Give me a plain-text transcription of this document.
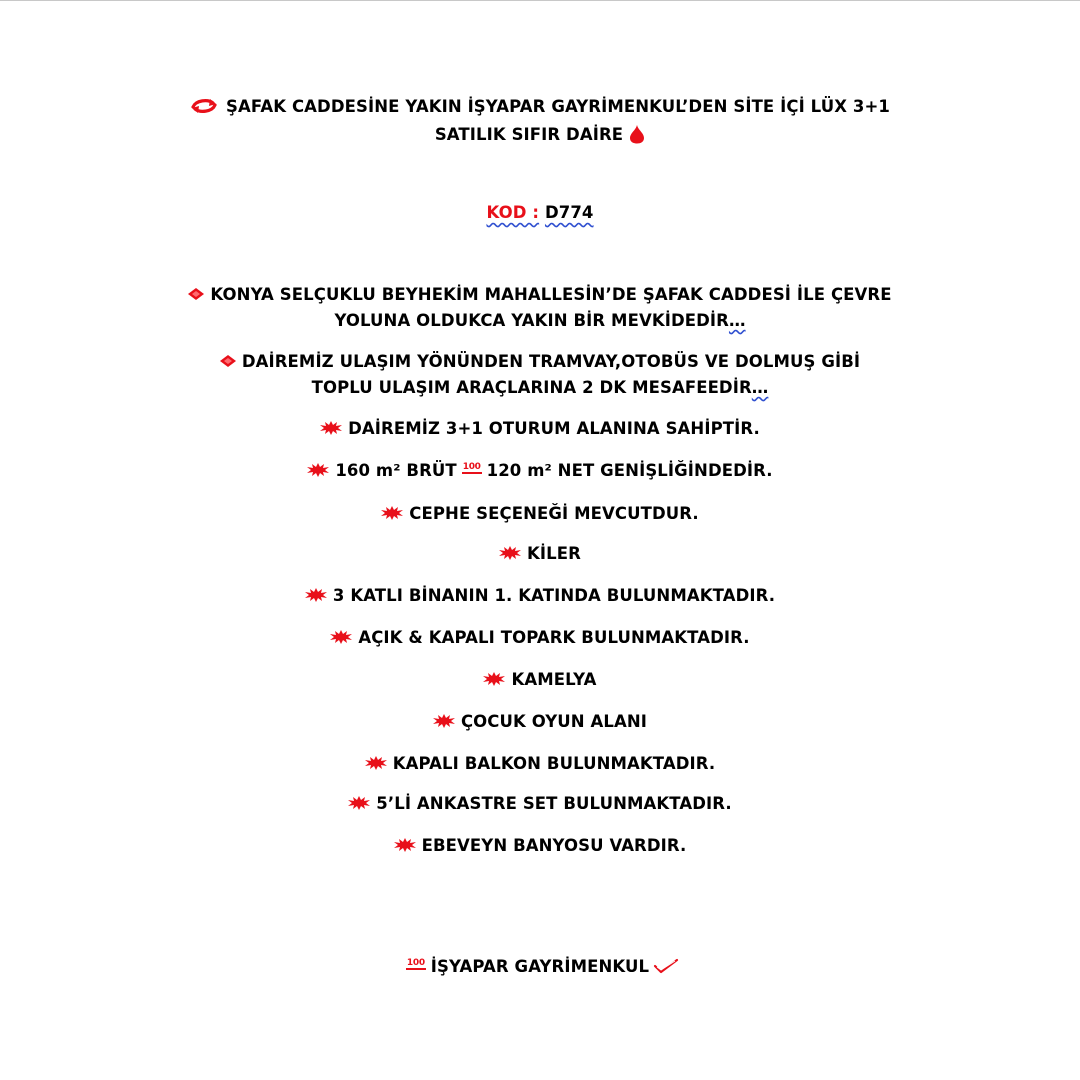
ŞAFAK CADDESİNE YAKIN İŞYAPAR GAYRİMENKUL’DEN SİTE İÇİ LÜX 3+1
SATILIK SIFIR DAİRE
KOD : D774
KONYA SELÇUKLU BEYHEKİM MAHALLESİN’DE ŞAFAK CADDESİ İLE ÇEVRE
YOLUNA OLDUKCA YAKIN BİR MEVKİDEDİR…
DAİREMİZ ULAŞIM YÖNÜNDEN TRAMVAY,OTOBÜS VE DOLMUŞ GİBİ
TOPLU ULAŞIM ARAÇLARINA 2 DK MESAFEEDİR…
DAİREMİZ 3+1 OTURUM ALANINA SAHİPTİR.
160 m² BRÜT 100 120 m² NET GENİŞLİĞİNDEDİR.
CEPHE SEÇENEĞİ MEVCUTDUR.
KİLER
3 KATLI BİNANIN 1. KATINDA BULUNMAKTADIR.
AÇIK & KAPALI TOPARK BULUNMAKTADIR.
KAMELYA
ÇOCUK OYUN ALANI
KAPALI BALKON BULUNMAKTADIR.
5’Lİ ANKASTRE SET BULUNMAKTADIR.
EBEVEYN BANYOSU VARDIR.
100 İŞYAPAR GAYRİMENKUL
